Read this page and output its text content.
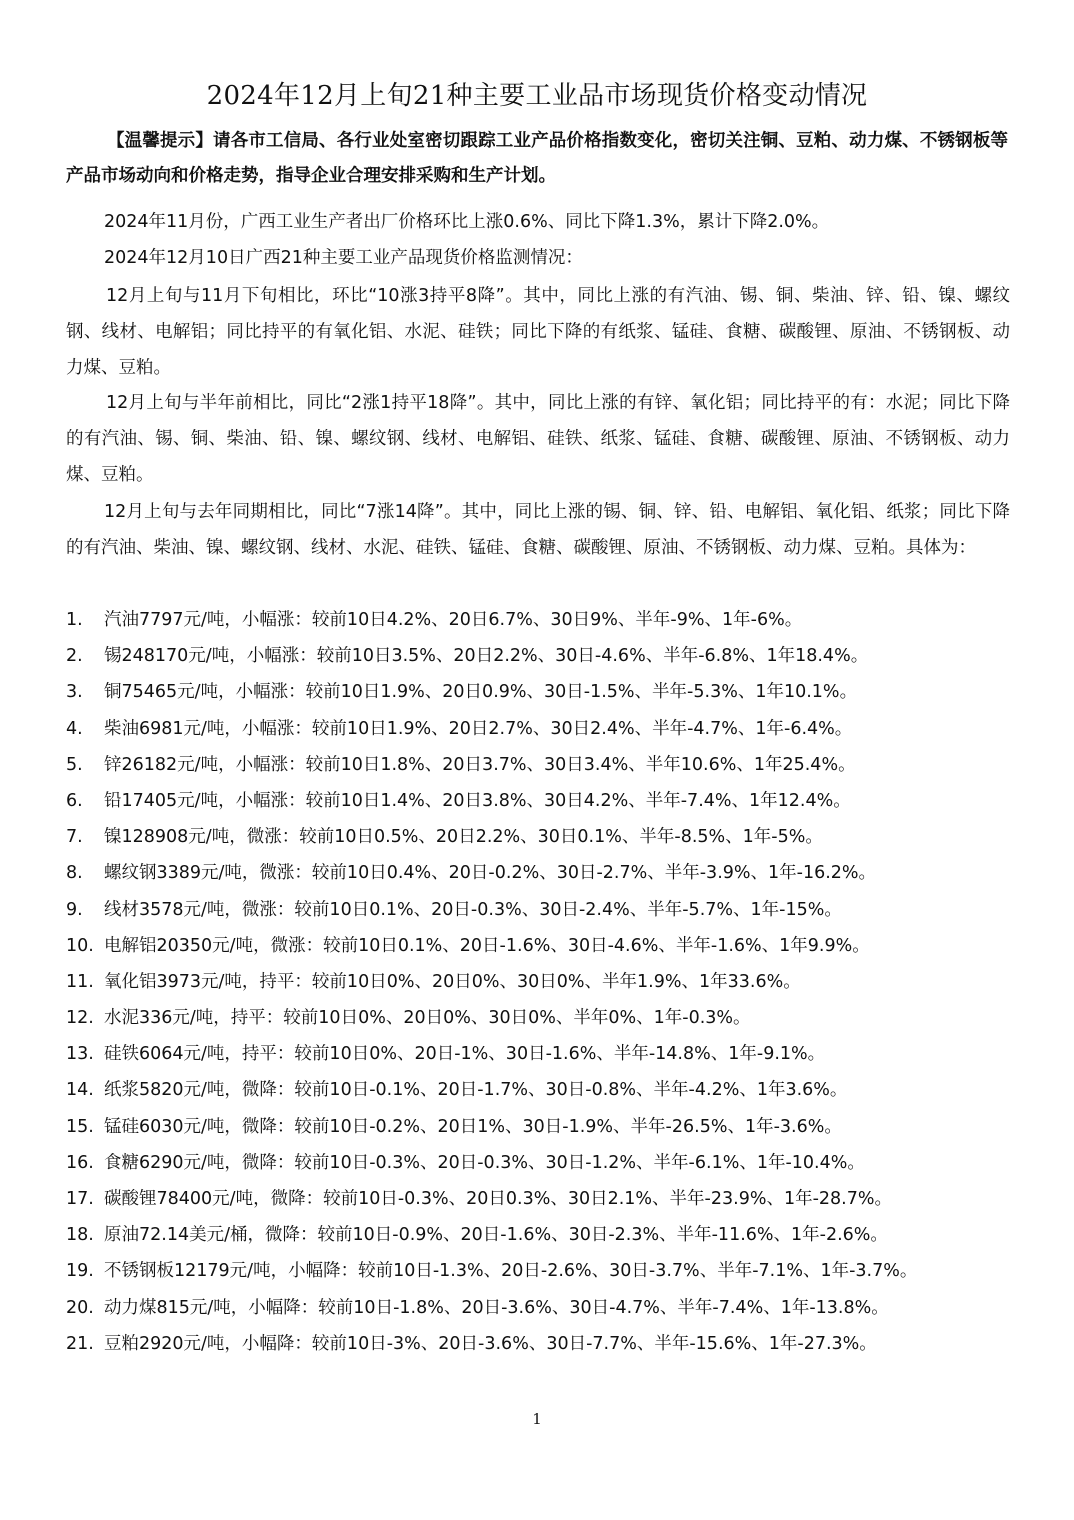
2024年12月上旬21种主要工业品市场现货价格变动情况

【温馨提示】请各市工信局、各行业处室密切跟踪工业产品价格指数变化，密切关注铜、豆粕、动力煤、不锈钢板等产品市场动向和价格走势，指导企业合理安排采购和生产计划。

2024年11月份，广西工业生产者出厂价格环比上涨0.6%、同比下降1.3%，累计下降2.0%。

2024年12月10日广西21种主要工业产品现货价格监测情况：

12月上旬与11月下旬相比，环比“10涨3持平8降”。其中，同比上涨的有汽油、锡、铜、柴油、锌、铅、镍、螺纹钢、线材、电解铝；同比持平的有氧化铝、水泥、硅铁；同比下降的有纸浆、锰硅、食糖、碳酸锂、原油、不锈钢板、动力煤、豆粕。

12月上旬与半年前相比，同比“2涨1持平18降”。其中，同比上涨的有锌、氧化铝；同比持平的有：水泥；同比下降的有汽油、锡、铜、柴油、铅、镍、螺纹钢、线材、电解铝、硅铁、纸浆、锰硅、食糖、碳酸锂、原油、不锈钢板、动力煤、豆粕。

12月上旬与去年同期相比，同比“7涨14降”。其中，同比上涨的锡、铜、锌、铅、电解铝、氧化铝、纸浆；同比下降的有汽油、柴油、镍、螺纹钢、线材、水泥、硅铁、锰硅、食糖、碳酸锂、原油、不锈钢板、动力煤、豆粕。具体为：

1.	汽油7797元/吨，小幅涨：较前10日4.2%、20日6.7%、30日9%、半年-9%、1年-6%。
2.	锡248170元/吨，小幅涨：较前10日3.5%、20日2.2%、30日-4.6%、半年-6.8%、1年18.4%。
3.	铜75465元/吨，小幅涨：较前10日1.9%、20日0.9%、30日-1.5%、半年-5.3%、1年10.1%。
4.	柴油6981元/吨，小幅涨：较前10日1.9%、20日2.7%、30日2.4%、半年-4.7%、1年-6.4%。
5.	锌26182元/吨，小幅涨：较前10日1.8%、20日3.7%、30日3.4%、半年10.6%、1年25.4%。
6.	铅17405元/吨，小幅涨：较前10日1.4%、20日3.8%、30日4.2%、半年-7.4%、1年12.4%。
7.	镍128908元/吨，微涨：较前10日0.5%、20日2.2%、30日0.1%、半年-8.5%、1年-5%。
8.	螺纹钢3389元/吨，微涨：较前10日0.4%、20日-0.2%、30日-2.7%、半年-3.9%、1年-16.2%。
9.	线材3578元/吨，微涨：较前10日0.1%、20日-0.3%、30日-2.4%、半年-5.7%、1年-15%。
10. 电解铝20350元/吨，微涨：较前10日0.1%、20日-1.6%、30日-4.6%、半年-1.6%、1年9.9%。
11. 氧化铝3973元/吨，持平：较前10日0%、20日0%、30日0%、半年1.9%、1年33.6%。
12. 水泥336元/吨，持平：较前10日0%、20日0%、30日0%、半年0%、1年-0.3%。
13. 硅铁6064元/吨，持平：较前10日0%、20日-1%、30日-1.6%、半年-14.8%、1年-9.1%。
14. 纸浆5820元/吨，微降：较前10日-0.1%、20日-1.7%、30日-0.8%、半年-4.2%、1年3.6%。
15. 锰硅6030元/吨，微降：较前10日-0.2%、20日1%、30日-1.9%、半年-26.5%、1年-3.6%。
16. 食糖6290元/吨，微降：较前10日-0.3%、20日-0.3%、30日-1.2%、半年-6.1%、1年-10.4%。
17. 碳酸锂78400元/吨，微降：较前10日-0.3%、20日0.3%、30日2.1%、半年-23.9%、1年-28.7%。
18. 原油72.14美元/桶，微降：较前10日-0.9%、20日-1.6%、30日-2.3%、半年-11.6%、1年-2.6%。
19. 不锈钢板12179元/吨，小幅降：较前10日-1.3%、20日-2.6%、30日-3.7%、半年-7.1%、1年-3.7%。
20. 动力煤815元/吨，小幅降：较前10日-1.8%、20日-3.6%、30日-4.7%、半年-7.4%、1年-13.8%。
21. 豆粕2920元/吨，小幅降：较前10日-3%、20日-3.6%、30日-7.7%、半年-15.6%、1年-27.3%。
1
